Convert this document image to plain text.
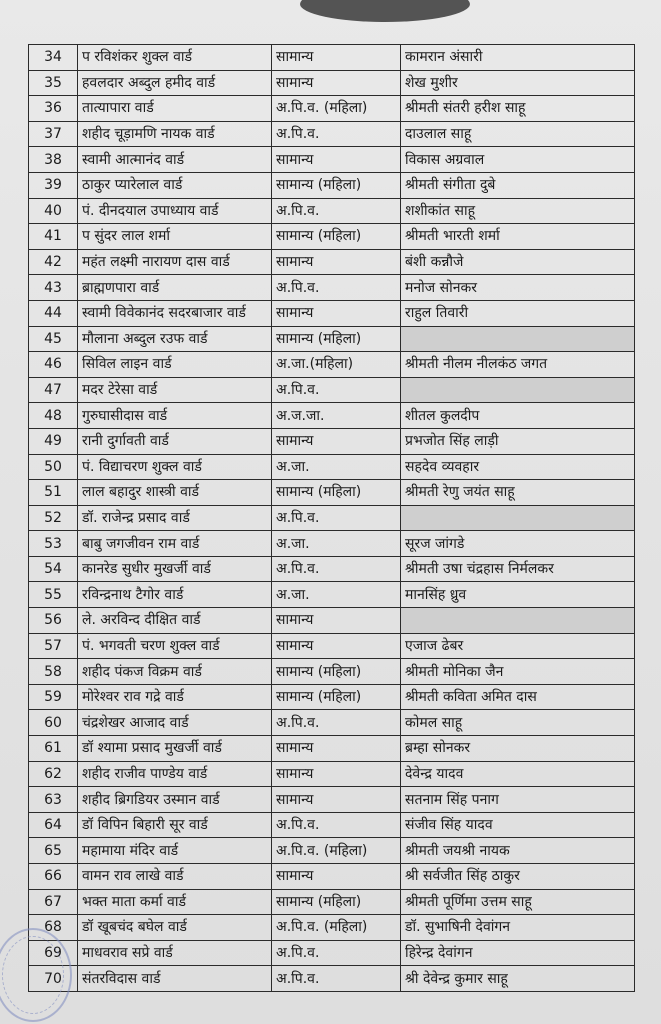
34	प रविशंकर शुक्ल वार्ड	सामान्य	कामरान अंसारी
35	हवलदार अब्दुल हमीद वार्ड	सामान्य	शेख मुशीर
36	तात्यापारा वार्ड	अ.पि.व. (महिला)	श्रीमती संतरी हरीश साहू
37	शहीद चूड़ामणि नायक वार्ड	अ.पि.व.	दाउलाल साहू
38	स्वामी आत्मानंद वार्ड	सामान्य	विकास अग्रवाल
39	ठाकुर प्यारेलाल वार्ड	सामान्य (महिला)	श्रीमती संगीता दुबे
40	पं. दीनदयाल उपाध्याय वार्ड	अ.पि.व.	शशीकांत साहू
41	प सुंदर लाल शर्मा	सामान्य (महिला)	श्रीमती भारती शर्मा
42	महंत लक्ष्मी नारायण दास वार्ड	सामान्य	बंशी कन्नौजे
43	ब्राह्मणपारा वार्ड	अ.पि.व.	मनोज सोनकर
44	स्वामी विवेकानंद सदरबाजार वार्ड	सामान्य	राहुल तिवारी
45	मौलाना अब्दुल रउफ वार्ड	सामान्य (महिला)	
46	सिविल लाइन वार्ड	अ.जा.(महिला)	श्रीमती नीलम नीलकंठ जगत
47	मदर टेरेसा वार्ड	अ.पि.व.	
48	गुरुघासीदास वार्ड	अ.ज.जा.	शीतल कुलदीप
49	रानी दुर्गावती वार्ड	सामान्य	प्रभजोत सिंह लाड़ी
50	पं. विद्याचरण शुक्ल वार्ड	अ.जा.	सहदेव व्यवहार
51	लाल बहादुर शास्त्री वार्ड	सामान्य (महिला)	श्रीमती रेणु जयंत साहू
52	डॉ. राजेन्द्र प्रसाद वार्ड	अ.पि.व.	
53	बाबु जगजीवन राम वार्ड	अ.जा.	सूरज जांगडे
54	कानरेड सुधीर मुखर्जी वार्ड	अ.पि.व.	श्रीमती उषा चंद्रहास निर्मलकर
55	रविन्द्रनाथ टैगोर वार्ड	अ.जा.	मानसिंह ध्रुव
56	ले. अरविन्द दीक्षित वार्ड	सामान्य	
57	पं. भगवती चरण शुक्ल वार्ड	सामान्य	एजाज ढेबर
58	शहीद पंकज विक्रम वार्ड	सामान्य (महिला)	श्रीमती मोनिका जैन
59	मोरेश्वर राव गद्रे वार्ड	सामान्य (महिला)	श्रीमती कविता अमित दास
60	चंद्रशेखर आजाद वार्ड	अ.पि.व.	कोमल साहू
61	डॉ श्यामा प्रसाद मुखर्जी वार्ड	सामान्य	ब्रम्हा सोनकर
62	शहीद राजीव पाण्डेय वार्ड	सामान्य	देवेन्द्र यादव
63	शहीद ब्रिगडियर उस्मान वार्ड	सामान्य	सतनाम सिंह पनाग
64	डॉ विपिन बिहारी सूर वार्ड	अ.पि.व.	संजीव सिंह यादव
65	महामाया मंदिर वार्ड	अ.पि.व. (महिला)	श्रीमती जयश्री नायक
66	वामन राव लाखे वार्ड	सामान्य	श्री सर्वजीत सिंह ठाकुर
67	भक्त माता कर्मा वार्ड	सामान्य (महिला)	श्रीमती पूर्णिमा उत्तम साहू
68	डॉ खूबचंद बघेल वार्ड	अ.पि.व. (महिला)	डॉ. सुभाषिनी देवांगन
69	माधवराव सप्रे वार्ड	अ.पि.व.	हिरेन्द्र देवांगन
70	संतरविदास वार्ड	अ.पि.व.	श्री देवेन्द्र कुमार साहू
